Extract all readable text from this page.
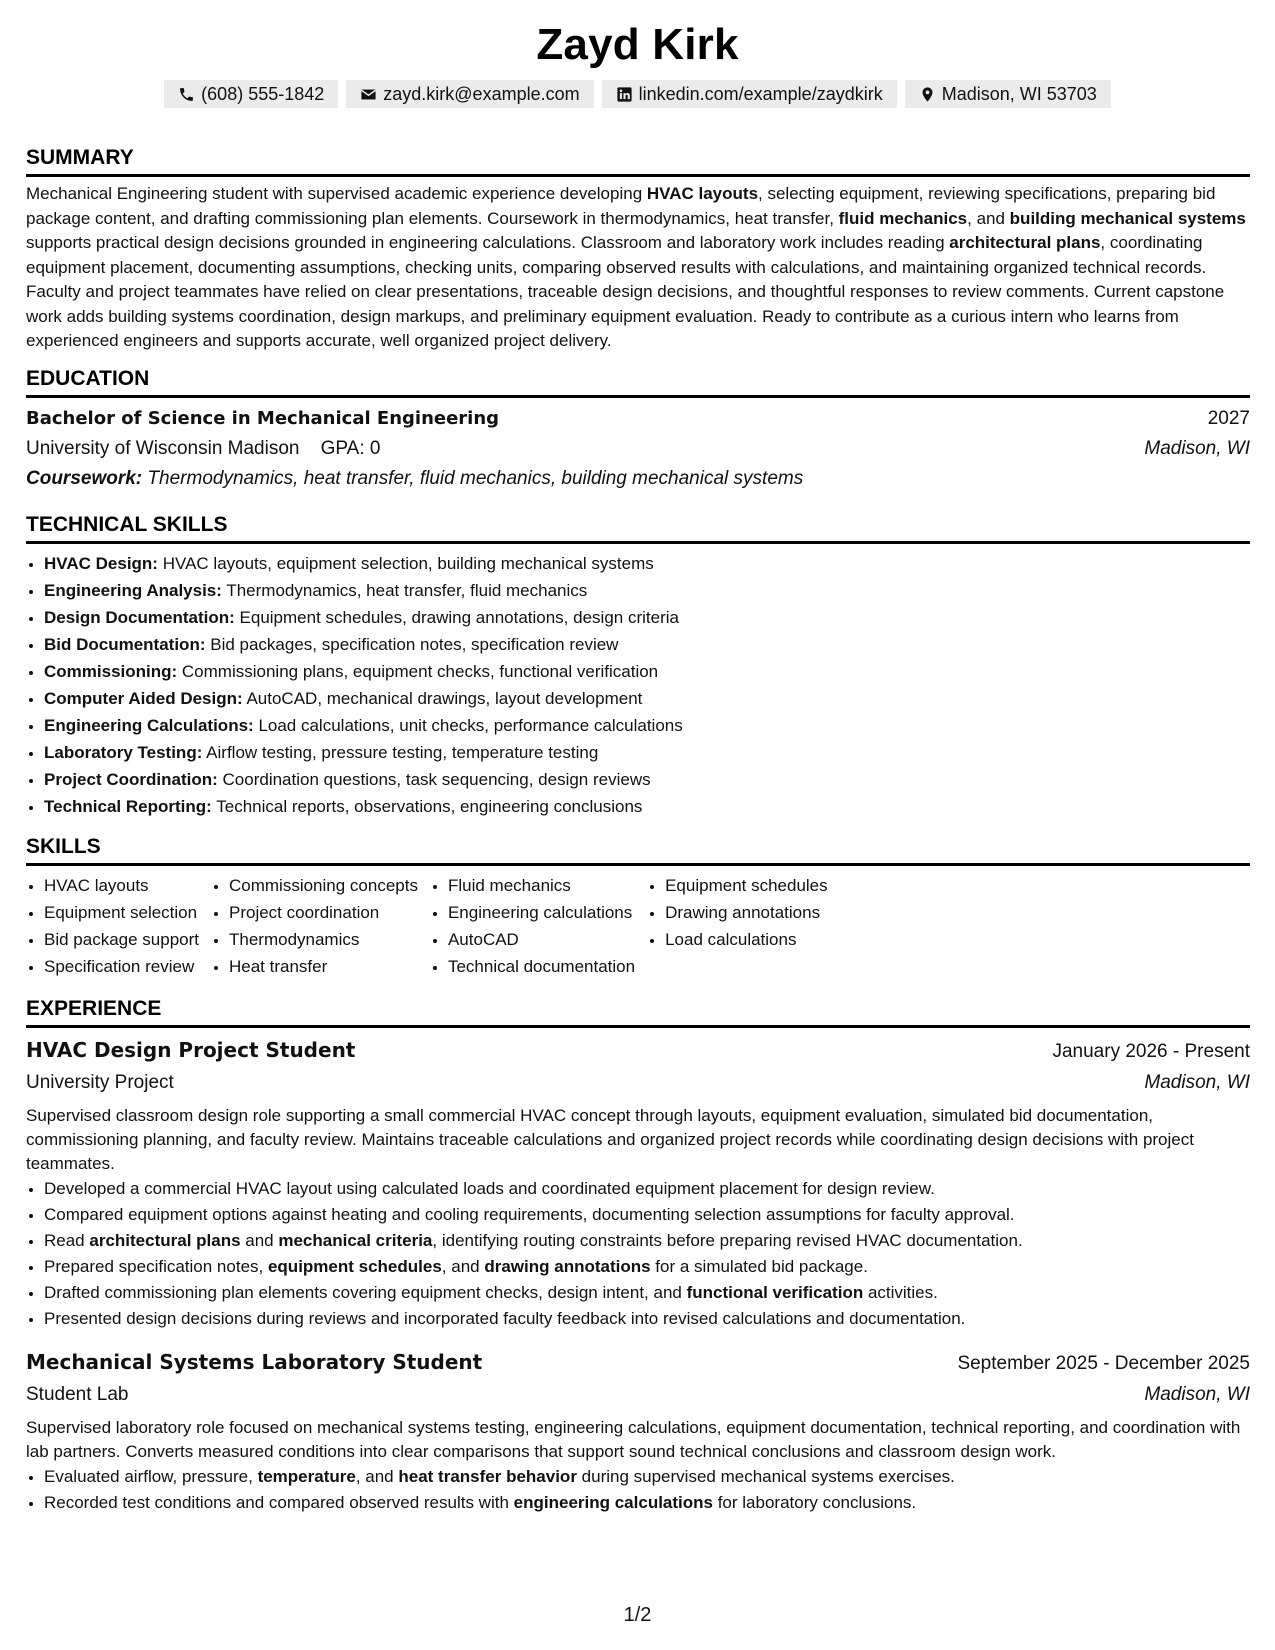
Zayd Kirk
(608) 555-1842	zayd.kirk@example.com	linkedin.com/example/zaydkirk	Madison, WI 53703
SUMMARY

Mechanical Engineering student with supervised academic experience developing HVAC layouts, selecting equipment, reviewing specifications, preparing bid package content, and drafting commissioning plan elements. Coursework in thermodynamics, heat transfer, fluid mechanics, and building mechanical systems supports practical design decisions grounded in engineering calculations. Classroom and laboratory work includes reading architectural plans, coordinating equipment placement, documenting assumptions, checking units, comparing observed results with calculations, and maintaining organized technical records. Faculty and project teammates have relied on clear presentations, traceable design decisions, and thoughtful responses to review comments. Current capstone work adds building systems coordination, design markups, and preliminary equipment evaluation. Ready to contribute as a curious intern who learns from experienced engineers and supports accurate, well organized project delivery.

EDUCATION
Bachelor of Science in Mechanical Engineering	2027
University of Wisconsin Madison GPA: 0	Madison, WI
Coursework: Thermodynamics, heat transfer, fluid mechanics, building mechanical systems
TECHNICAL SKILLS
• HVAC Design: HVAC layouts, equipment selection, building mechanical systems
• Engineering Analysis: Thermodynamics, heat transfer, fluid mechanics
• Design Documentation: Equipment schedules, drawing annotations, design criteria
• Bid Documentation: Bid packages, specification notes, specification review
• Commissioning: Commissioning plans, equipment checks, functional verification
• Computer Aided Design: AutoCAD, mechanical drawings, layout development
• Engineering Calculations: Load calculations, unit checks, performance calculations
• Laboratory Testing: Airflow testing, pressure testing, temperature testing
• Project Coordination: Coordination questions, task sequencing, design reviews
• Technical Reporting: Technical reports, observations, engineering conclusions
SKILLS
• HVAC layouts
• Equipment selection
• Bid package support
• Specification review
• Commissioning concepts
• Project coordination
• Thermodynamics
• Heat transfer
• Fluid mechanics
• Engineering calculations
• AutoCAD
• Technical documentation
• Equipment schedules
• Drawing annotations
• Load calculations
EXPERIENCE
HVAC Design Project Student	January 2026 - Present
University Project	Madison, WI

Supervised classroom design role supporting a small commercial HVAC concept through layouts, equipment evaluation, simulated bid documentation, commissioning planning, and faculty review. Maintains traceable calculations and organized project records while coordinating design decisions with project teammates.

• Developed a commercial HVAC layout using calculated loads and coordinated equipment placement for design review.
• Compared equipment options against heating and cooling requirements, documenting selection assumptions for faculty approval.
• Read architectural plans and mechanical criteria, identifying routing constraints before preparing revised HVAC documentation.
• Prepared specification notes, equipment schedules, and drawing annotations for a simulated bid package.
• Drafted commissioning plan elements covering equipment checks, design intent, and functional verification activities.
• Presented design decisions during reviews and incorporated faculty feedback into revised calculations and documentation.
Mechanical Systems Laboratory Student	September 2025 - December 2025
Student Lab	Madison, WI

Supervised laboratory role focused on mechanical systems testing, engineering calculations, equipment documentation, technical reporting, and coordination with lab partners. Converts measured conditions into clear comparisons that support sound technical conclusions and classroom design work.

• Evaluated airflow, pressure, temperature, and heat transfer behavior during supervised mechanical systems exercises.
• Recorded test conditions and compared observed results with engineering calculations for laboratory conclusions.
1/2
